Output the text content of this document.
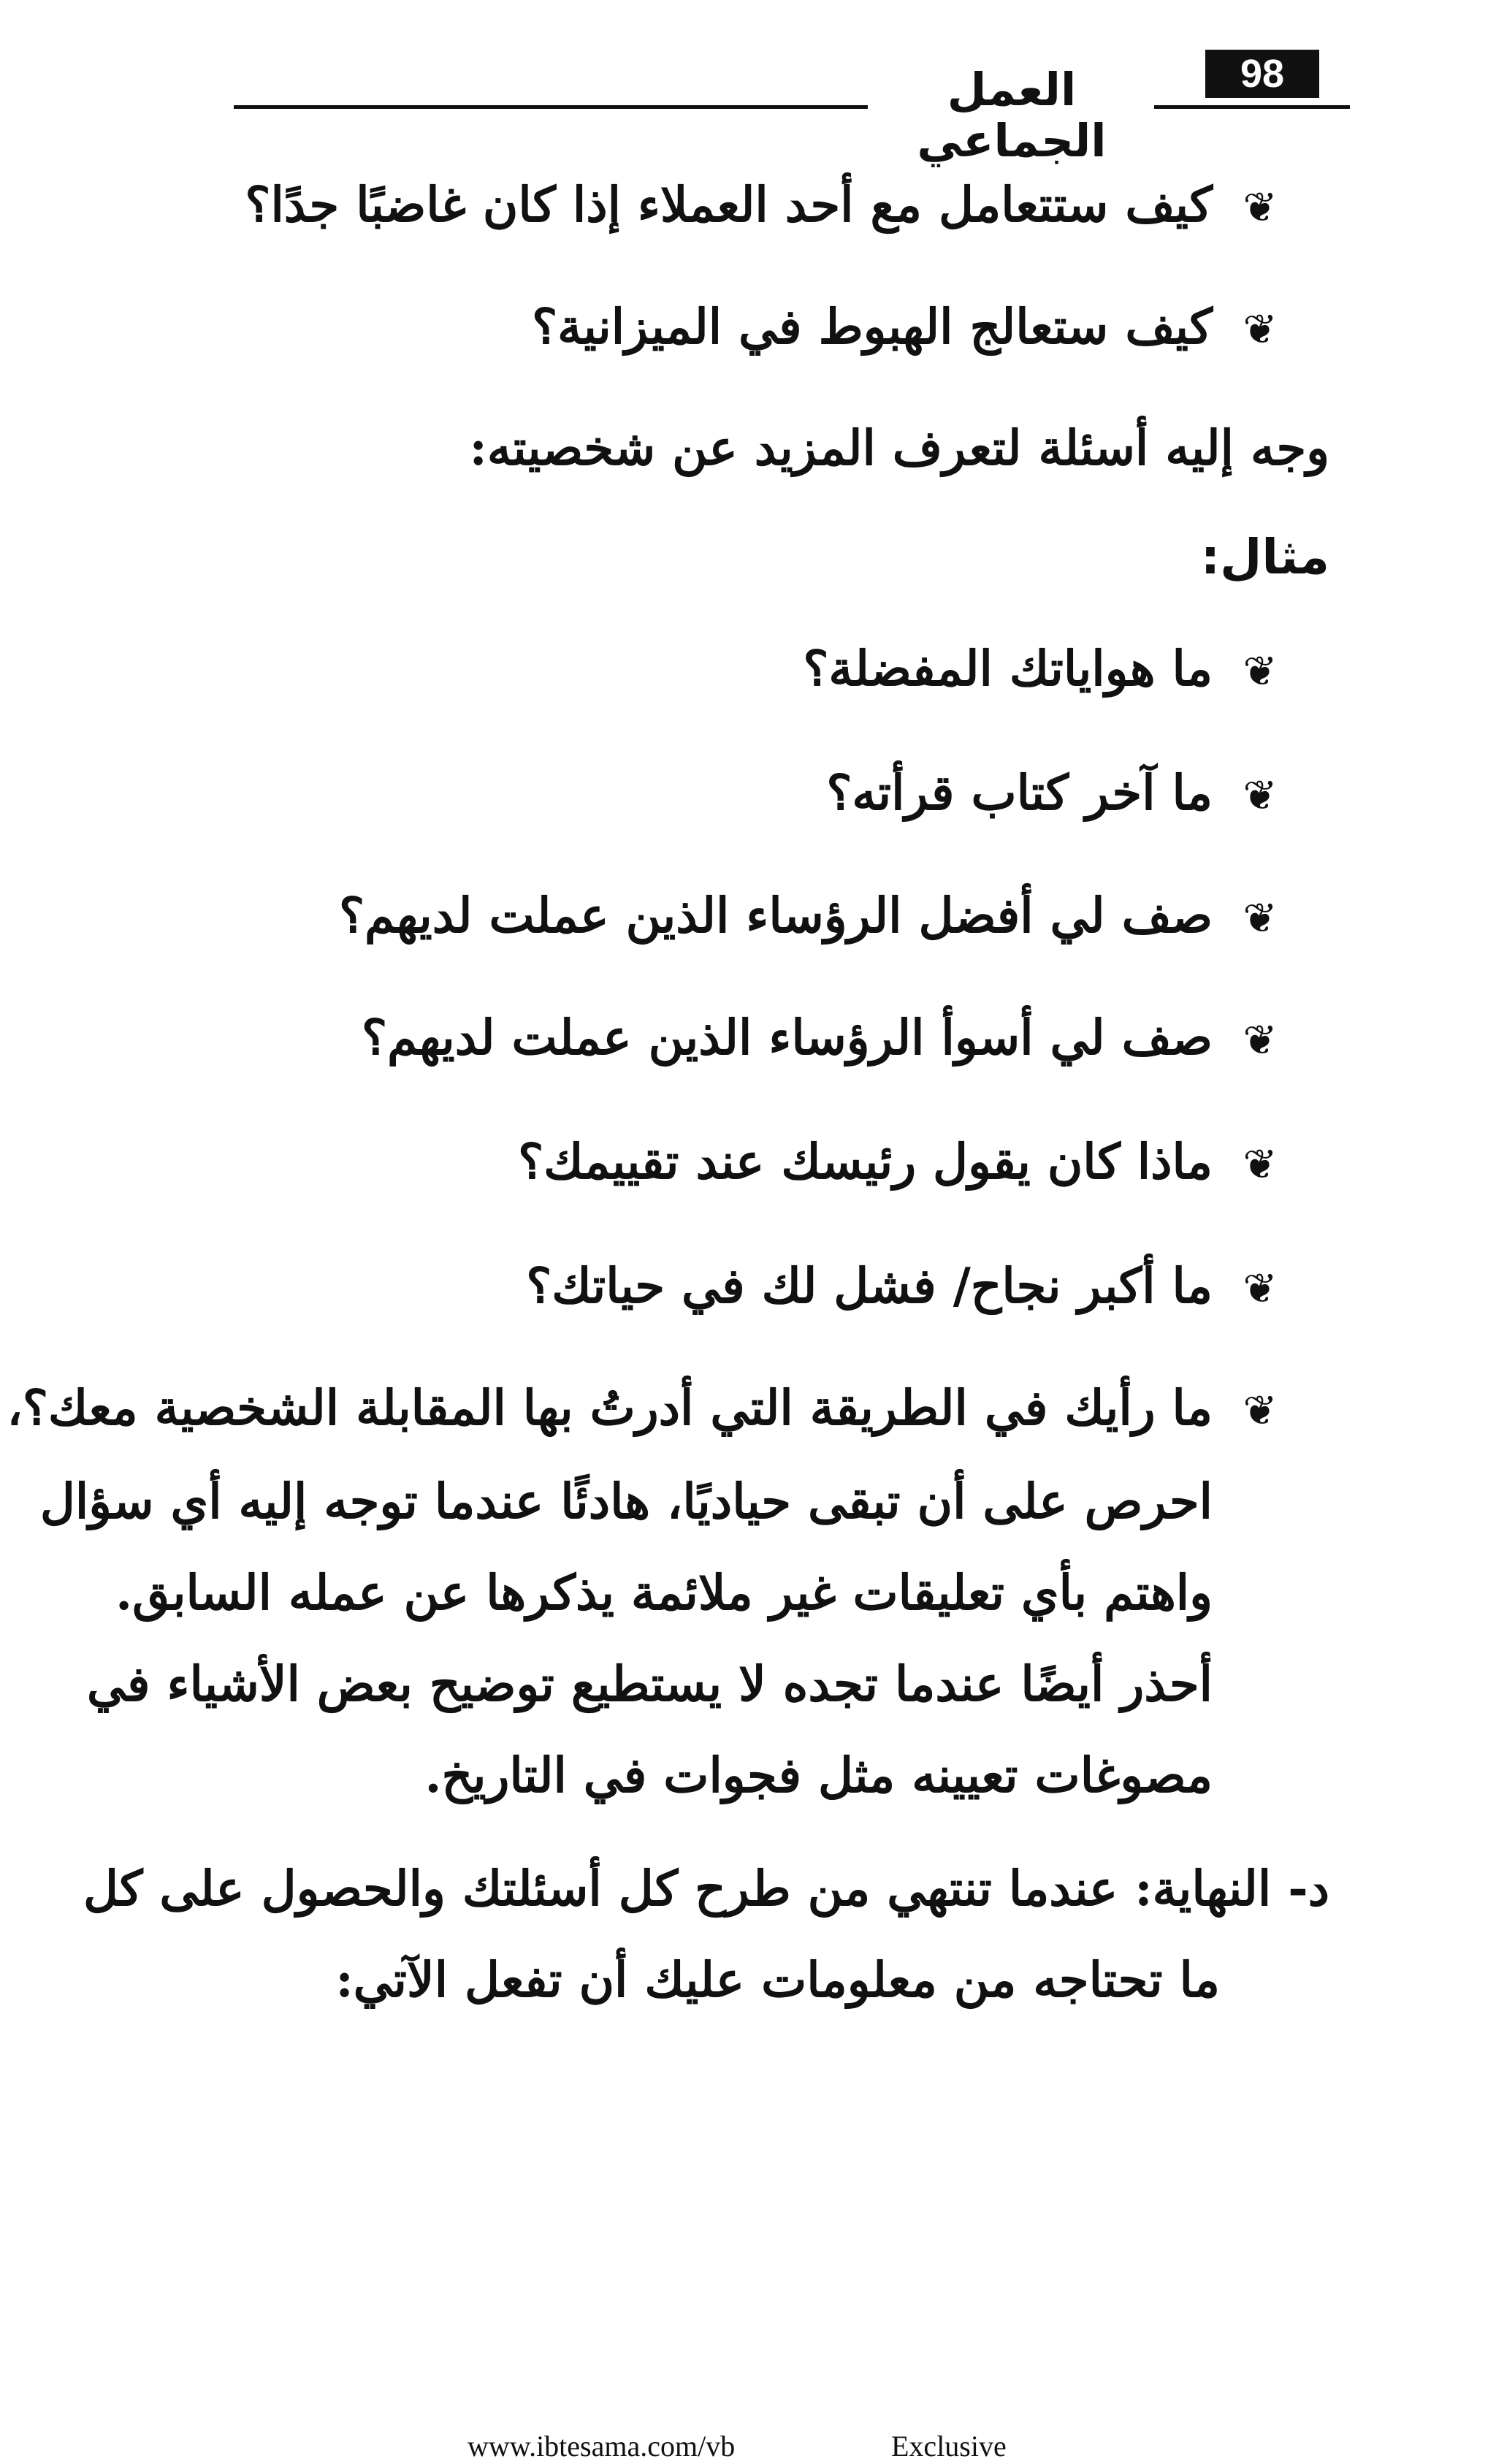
العمل الجماعي
98
❦كيف ستتعامل مع أحد العملاء إذا كان غاضبًا جدًا؟
❦كيف ستعالج الهبوط في الميزانية؟
وجه إليه أسئلة لتعرف المزيد عن شخصيته:
مثال:
❦ما هواياتك المفضلة؟
❦ما آخر كتاب قرأته؟
❦صف لي أفضل الرؤساء الذين عملت لديهم؟
❦صف لي أسوأ الرؤساء الذين عملت لديهم؟
❦ماذا كان يقول رئيسك عند تقييمك؟
❦ما أكبر نجاح/ فشل لك في حياتك؟
❦ما رأيك في الطريقة التي أدرتُ بها المقابلة الشخصية معك؟،
احرص على أن تبقى حياديًا، هادئًا عندما توجه إليه أي سؤال
واهتم بأي تعليقات غير ملائمة يذكرها عن عمله السابق.
أحذر أيضًا عندما تجده لا يستطيع توضيح بعض الأشياء في
مصوغات تعيينه مثل فجوات في التاريخ.
د- النهاية: عندما تنتهي من طرح كل أسئلتك والحصول على كل
ما تحتاجه من معلومات عليك أن تفعل الآتي:
www.ibtesama.com/vb	Exclusive
